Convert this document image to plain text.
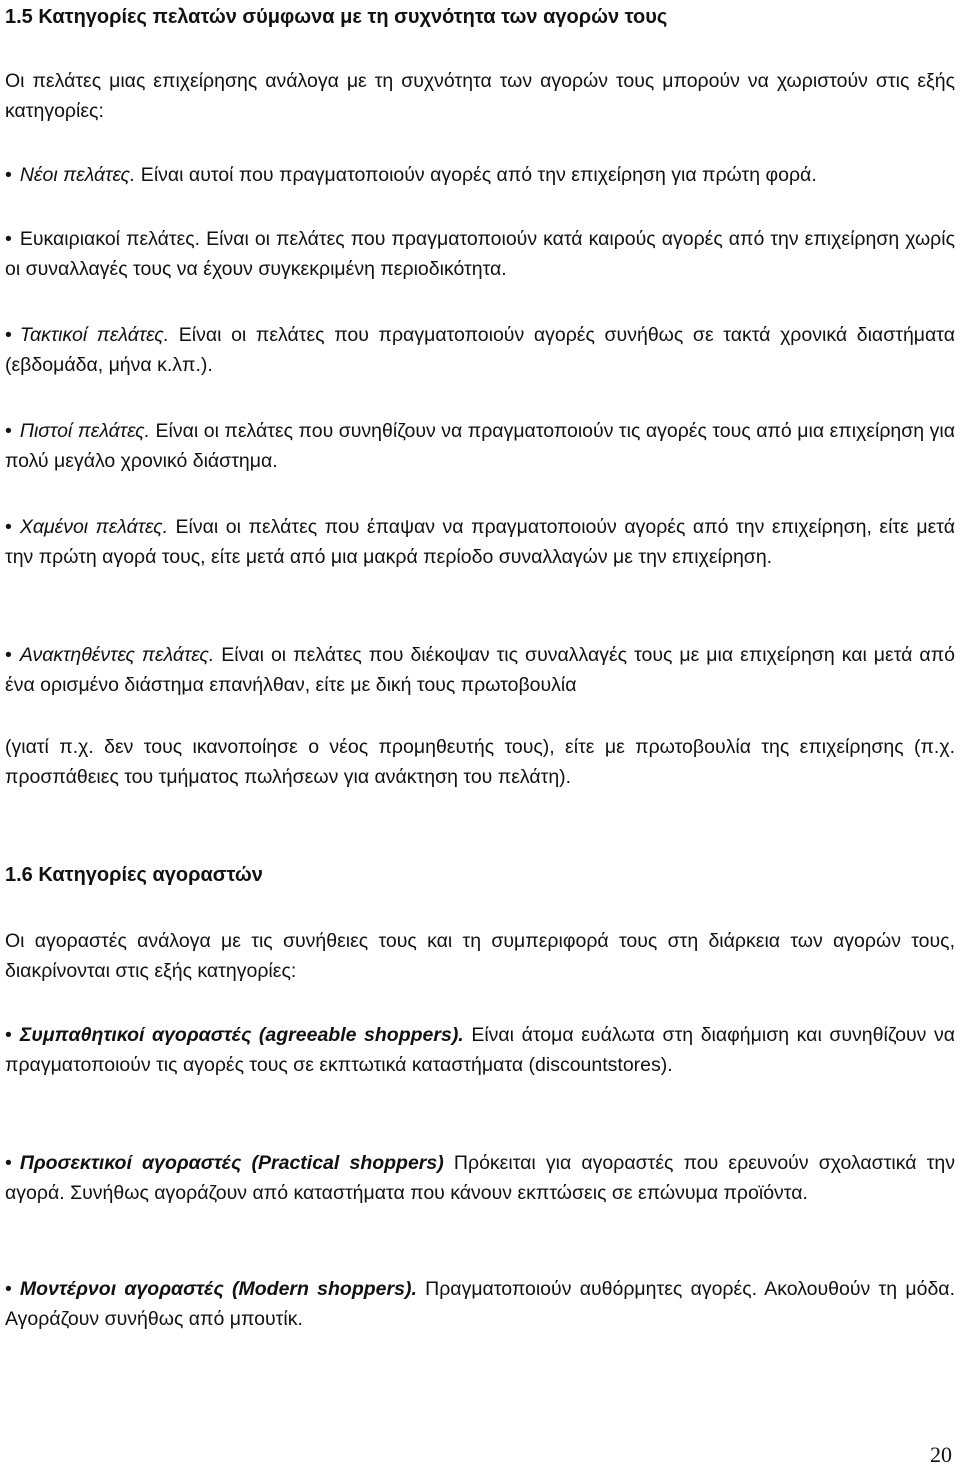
1.5 Κατηγορίες πελατών σύμφωνα με τη συχνότητα των αγορών τους

Οι πελάτες μιας επιχείρησης ανάλογα με τη συχνότητα των αγορών τους μπορούν να χωριστούν στις εξής κατηγορίες:

• Νέοι πελάτες. Είναι αυτοί που πραγματοποιούν αγορές από την επιχείρηση για πρώτη φορά.

• Ευκαιριακοί πελάτες. Είναι οι πελάτες που πραγματοποιούν κατά καιρούς αγορές από την επιχείρηση χωρίς οι συναλλαγές τους να έχουν συγκεκριμένη περιοδικότητα.

• Τακτικοί πελάτες. Είναι οι πελάτες που πραγματοποιούν αγορές συνήθως σε τακτά χρονικά διαστήματα (εβδομάδα, μήνα κ.λπ.).

• Πιστοί πελάτες. Είναι οι πελάτες που συνηθίζουν να πραγματοποιούν τις αγορές τους από μια επιχείρηση για πολύ μεγάλο χρονικό διάστημα.

• Χαμένοι πελάτες. Είναι οι πελάτες που έπαψαν να πραγματοποιούν αγορές από την επιχείρηση, είτε μετά την πρώτη αγορά τους, είτε μετά από μια μακρά περίοδο συναλλαγών με την επιχείρηση.

• Ανακτηθέντες πελάτες. Είναι οι πελάτες που διέκοψαν τις συναλλαγές τους με μια επιχείρηση και μετά από ένα ορισμένο διάστημα επανήλθαν, είτε με δική τους πρωτοβουλία

(γιατί π.χ. δεν τους ικανοποίησε ο νέος προμηθευτής τους), είτε με πρωτοβουλία της επιχείρησης (π.χ. προσπάθειες του τμήματος πωλήσεων για ανάκτηση του πελάτη).

1.6 Κατηγορίες αγοραστών

Οι αγοραστές ανάλογα με τις συνήθειες τους και τη συμπεριφορά τους στη διάρκεια των αγορών τους, διακρίνονται στις εξής κατηγορίες:

• Συμπαθητικοί αγοραστές (agreeable shoppers). Είναι άτομα ευάλωτα στη διαφήμιση και συνηθίζουν να πραγματοποιούν τις αγορές τους σε εκπτωτικά καταστήματα (discountstores).

• Προσεκτικοί αγοραστές (Practical shoppers) Πρόκειται για αγοραστές που ερευνούν σχολαστικά την αγορά. Συνήθως αγοράζουν από καταστήματα που κάνουν εκπτώσεις σε επώνυμα προϊόντα.

• Μοντέρνοι αγοραστές (Modern shoppers). Πραγματοποιούν αυθόρμητες αγορές. Ακολουθούν τη μόδα. Αγοράζουν συνήθως από μπουτίκ.

20
